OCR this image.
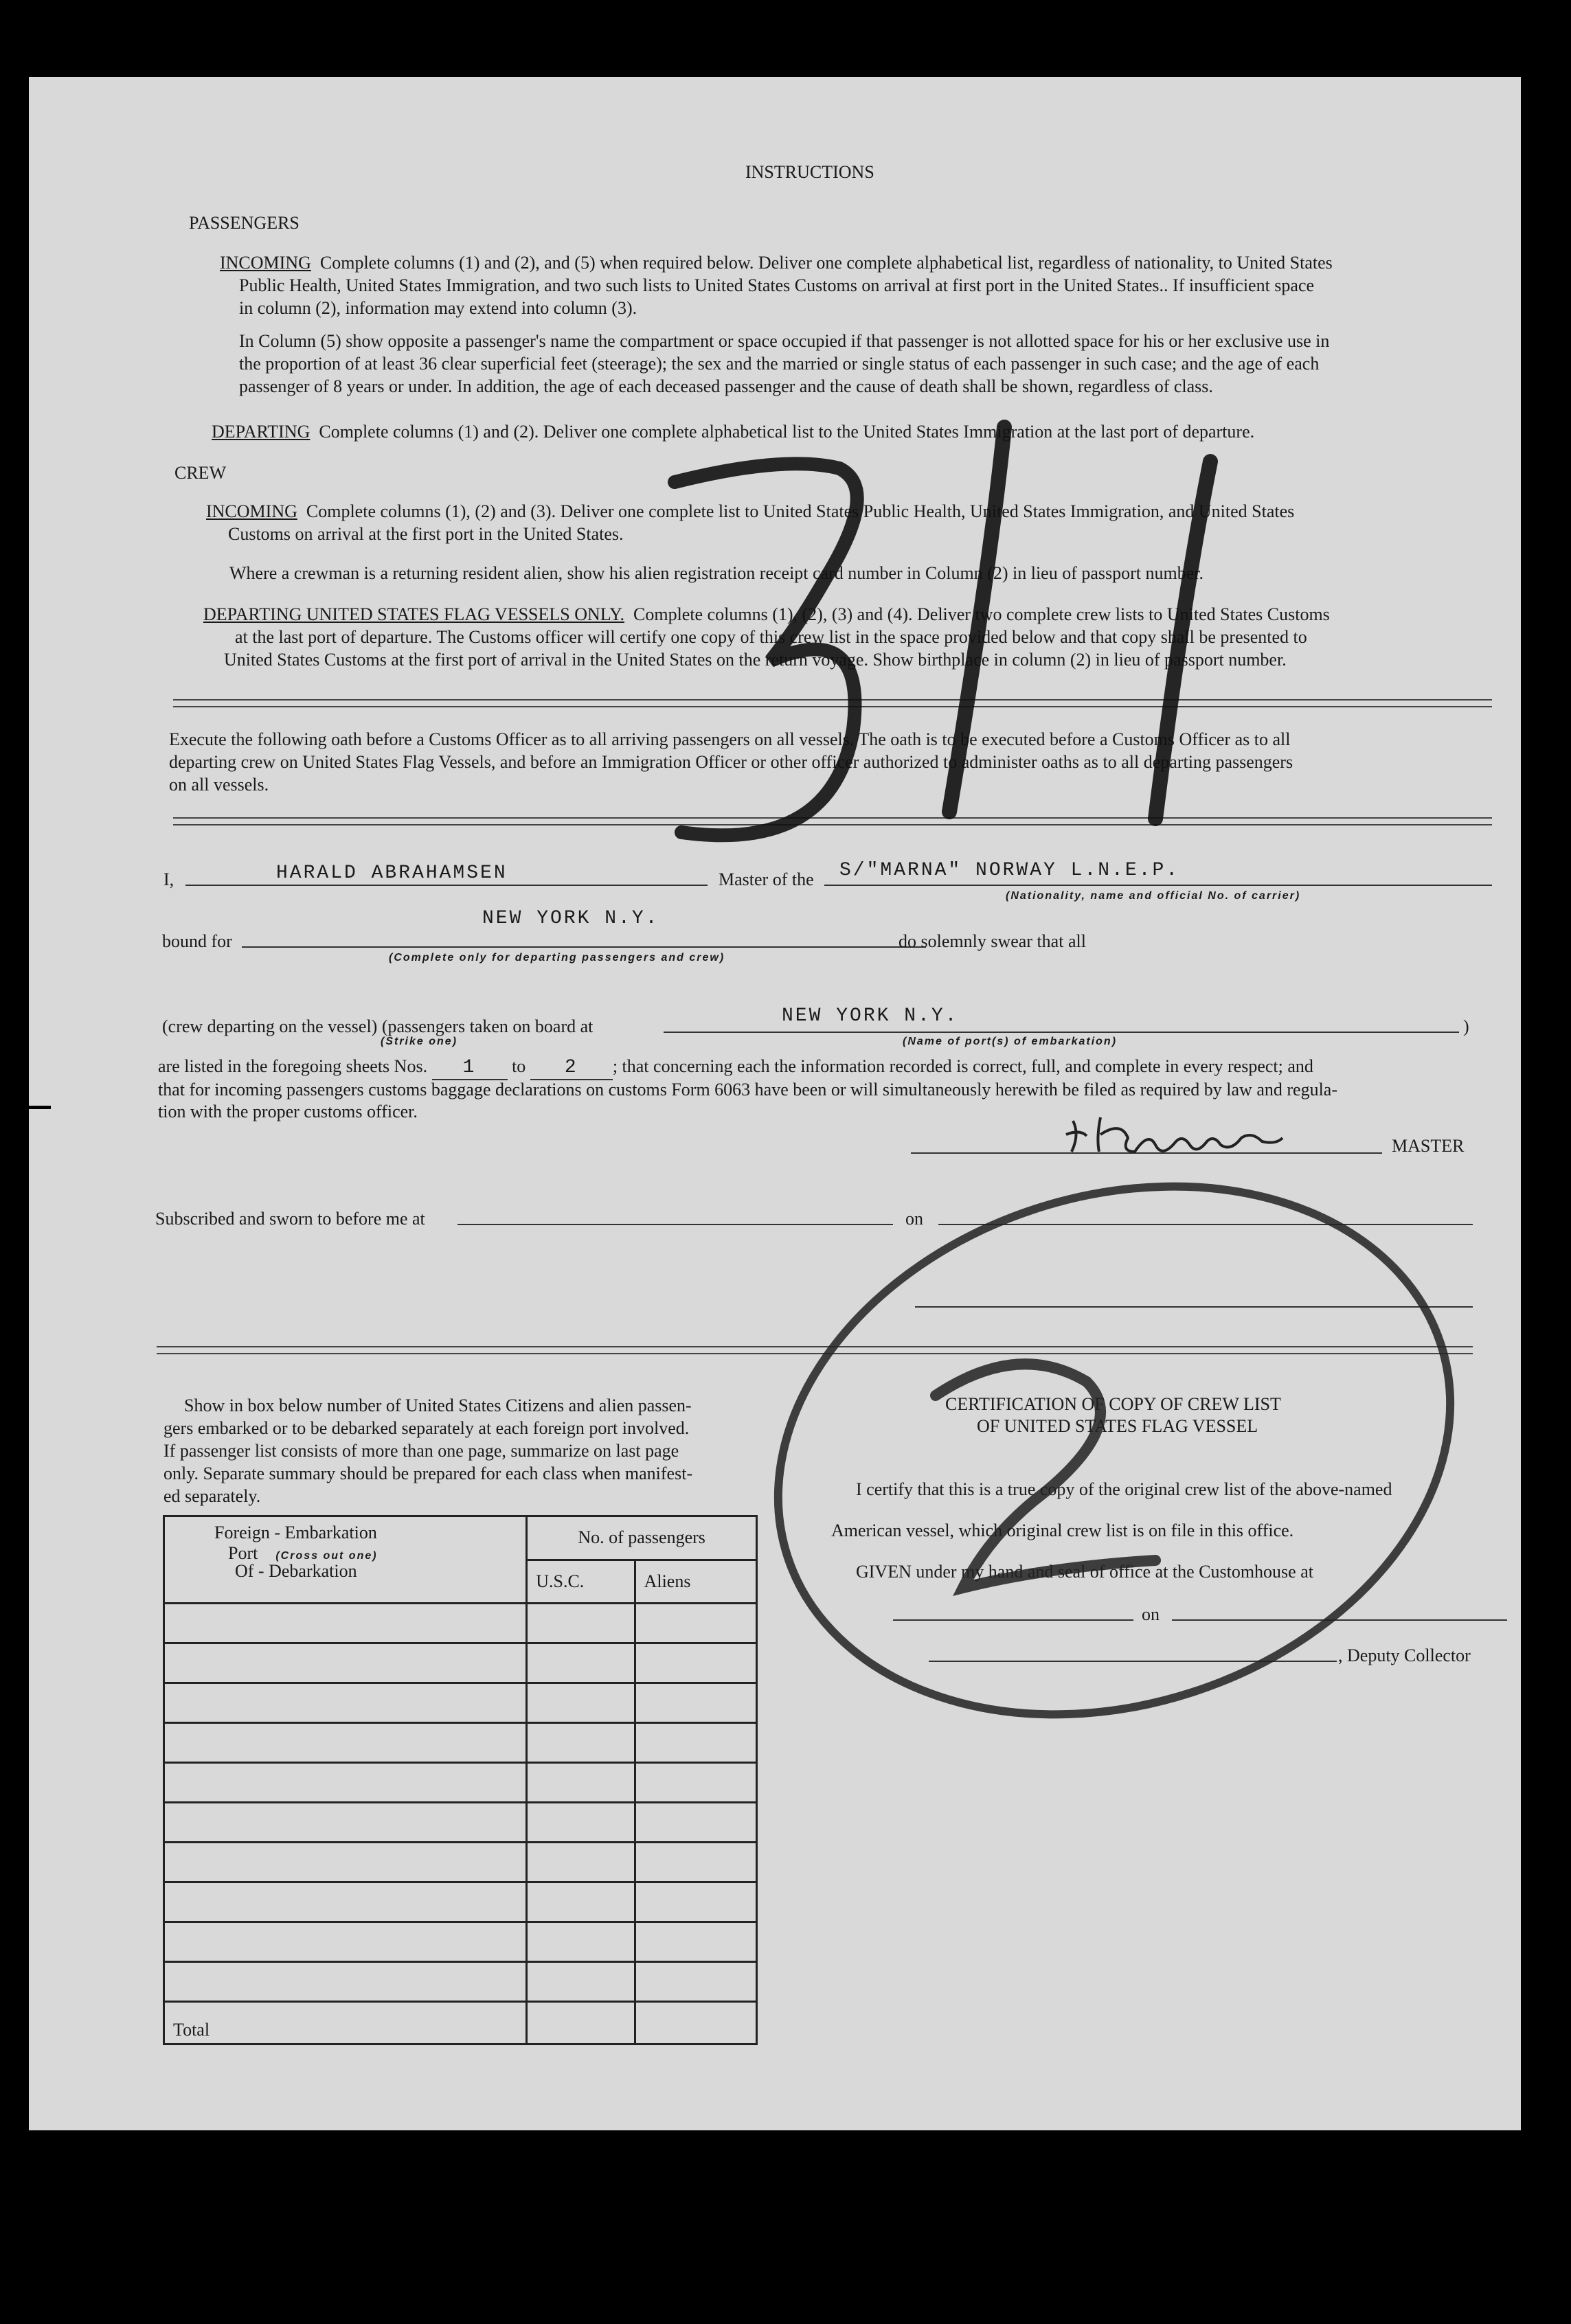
INSTRUCTIONS
PASSENGERS
INCOMING Complete columns (1) and (2), and (5) when required below. Deliver one complete alphabetical list, regardless of nationality, to United States
Public Health, United States Immigration, and two such lists to United States Customs on arrival at first port in the United States.. If insufficient space
in column (2), information may extend into column (3).
In Column (5) show opposite a passenger's name the compartment or space occupied if that passenger is not allotted space for his or her exclusive use in
the proportion of at least 36 clear superficial feet (steerage); the sex and the married or single status of each passenger in such case; and the age of each
passenger of 8 years or under. In addition, the age of each deceased passenger and the cause of death shall be shown, regardless of class.
DEPARTING Complete columns (1) and (2). Deliver one complete alphabetical list to the United States Immigration at the last port of departure.
CREW
INCOMING Complete columns (1), (2) and (3). Deliver one complete list to United States Public Health, United States Immigration, and United States
Customs on arrival at the first port in the United States.
Where a crewman is a returning resident alien, show his alien registration receipt card number in Column (2) in lieu of passport number.
DEPARTING UNITED STATES FLAG VESSELS ONLY. Complete columns (1), (2), (3) and (4). Deliver two complete crew lists to United States Customs
at the last port of departure. The Customs officer will certify one copy of this crew list in the space provided below and that copy shall be presented to
United States Customs at the first port of arrival in the United States on the return voyage. Show birthplace in column (2) in lieu of passport number.
Execute the following oath before a Customs Officer as to all arriving passengers on all vessels. The oath is to be executed before a Customs Officer as to all
departing crew on United States Flag Vessels, and before an Immigration Officer or other officer authorized to administer oaths as to all departing passengers
on all vessels.
I,	HARALD ABRAHAMSEN	Master of the S/"MARNA" NORWAY L.N.E.P.
(Nationality, name and official No. of carrier)
NEW YORK N.Y.
bound for	do solemnly swear that all
(Complete only for departing passengers and crew)
(crew departing on the vessel) (passengers taken on board at	NEW YORK N.Y.	)
(Strike one)	(Name of port(s) of embarkation)
are listed in the foregoing sheets Nos. 1 to 2 ; that concerning each the information recorded is correct, full, and complete in every respect; and
that for incoming passengers customs baggage declarations on customs Form 6063 have been or will simultaneously herewith be filed as required by law and regula-
tion with the proper customs officer.
MASTER
Subscribed and sworn to before me at	on
Show in box below number of United States Citizens and alien passen-
gers embarked or to be debarked separately at each foreign port involved.
If passenger list consists of more than one page, summarize on last page
only. Separate summary should be prepared for each class when manifest-
ed separately.
Foreign - Embarkation
Port (Cross out one)
Of - Debarkation	No. of passengers	
	U.S.C.	Aliens

Total		
CERTIFICATION OF COPY OF CREW LIST
OF UNITED STATES FLAG VESSEL
I certify that this is a true copy of the original crew list of the above-named
American vessel, which original crew list is on file in this office.
GIVEN under my hand and seal of office at the Customhouse at
on
, Deputy Collector
